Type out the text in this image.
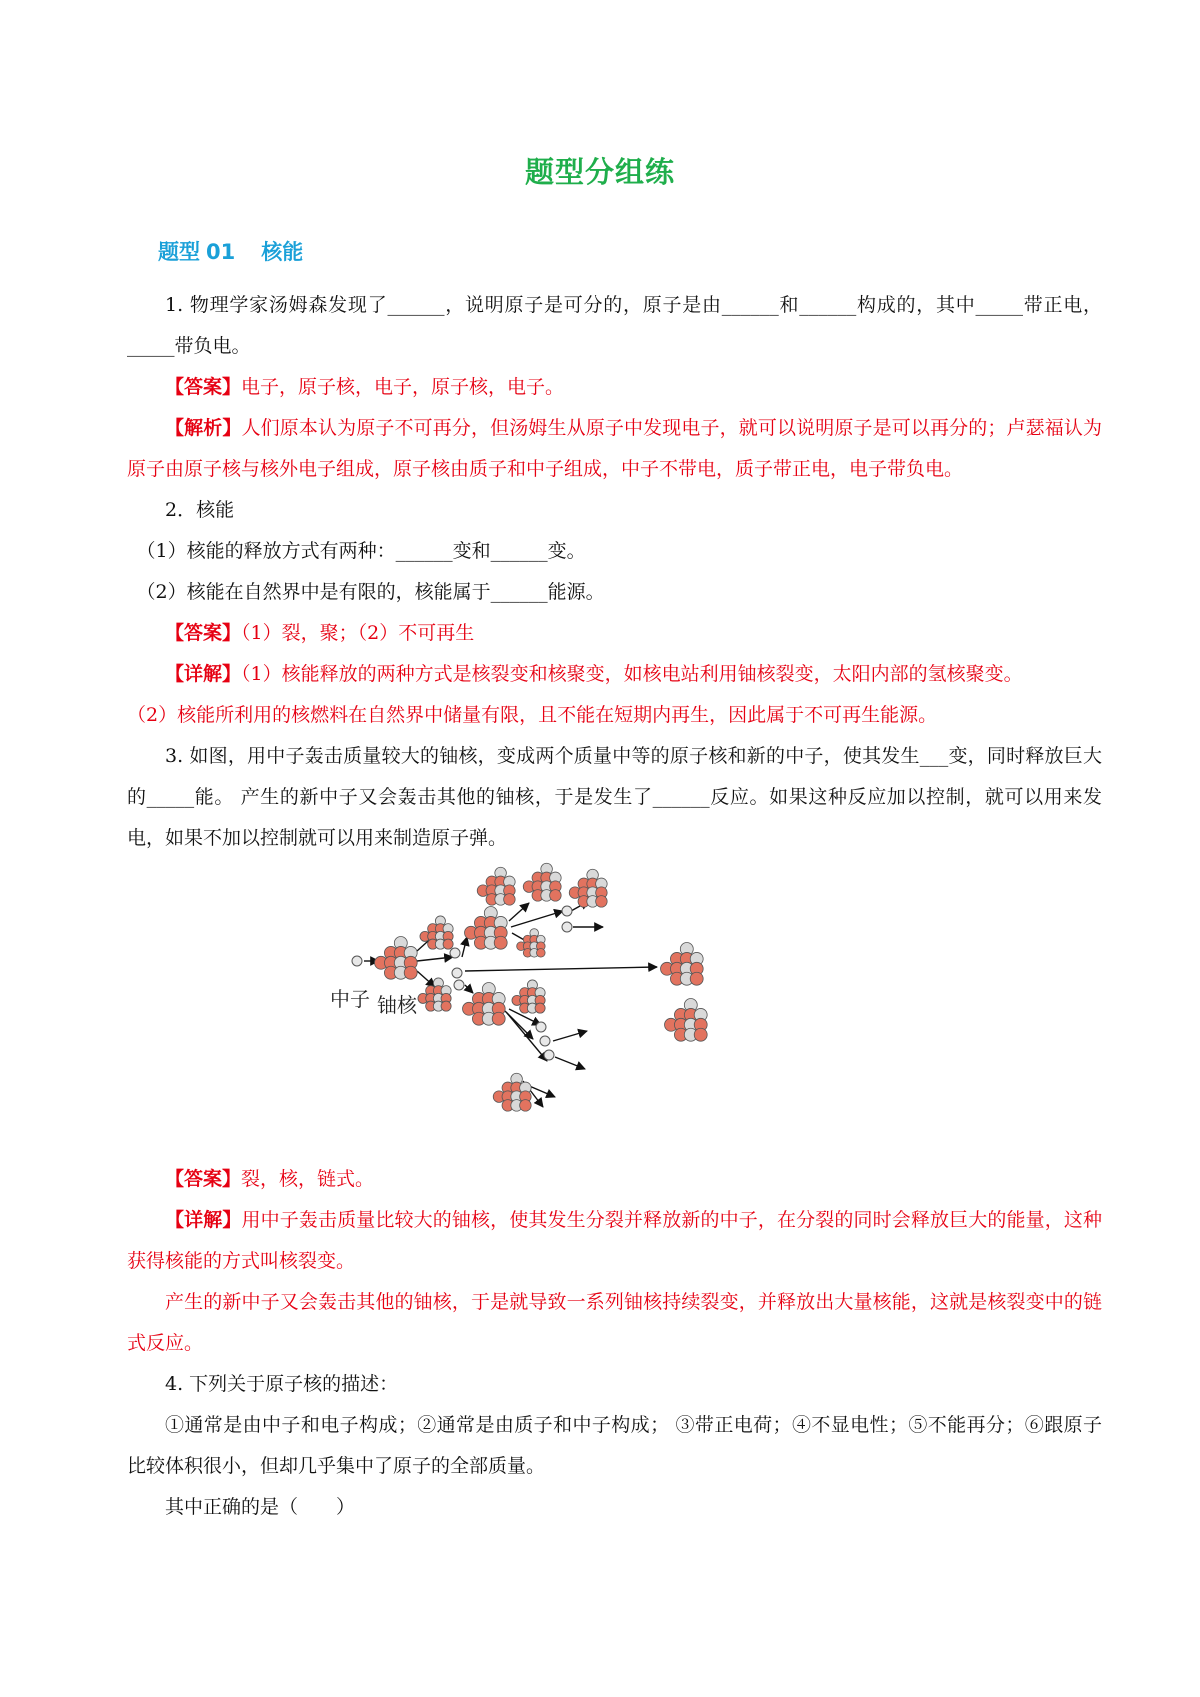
题型分组练
题型 01 核能

1. 物理学家汤姆森发现了______，说明原子是可分的，原子是由______和______构成的，其中_____带正电，_____带负电。

【答案】电子，原子核，电子，原子核，电子。

【解析】人们原本认为原子不可再分，但汤姆生从原子中发现电子，就可以说明原子是可以再分的；卢瑟福认为原子由原子核与核外电子组成，原子核由质子和中子组成，中子不带电，质子带正电，电子带负电。

2．核能

（1）核能的释放方式有两种：______变和______变。

（2）核能在自然界中是有限的，核能属于______能源。

【答案】（1）裂，聚；（2）不可再生

【详解】（1）核能释放的两种方式是核裂变和核聚变，如核电站利用铀核裂变，太阳内部的氢核聚变。

（2）核能所利用的核燃料在自然界中储量有限，且不能在短期内再生，因此属于不可再生能源。

3. 如图，用中子轰击质量较大的铀核，变成两个质量中等的原子核和新的中子，使其发生___变，同时释放巨大的_____能。 产生的新中子又会轰击其他的铀核，于是发生了______反应。如果这种反应加以控制，就可以用来发电，如果不加以控制就可以用来制造原子弹。

中子 铀核

【答案】裂，核，链式。

【详解】用中子轰击质量比较大的铀核，使其发生分裂并释放新的中子，在分裂的同时会释放巨大的能量，这种获得核能的方式叫核裂变。

产生的新中子又会轰击其他的铀核，于是就导致一系列铀核持续裂变，并释放出大量核能，这就是核裂变中的链式反应。

4. 下列关于原子核的描述：

①通常是由中子和电子构成；②通常是由质子和中子构成； ③带正电荷；④不显电性；⑤不能再分；⑥跟原子比较体积很小，但却几乎集中了原子的全部质量。

其中正确的是（　　）
